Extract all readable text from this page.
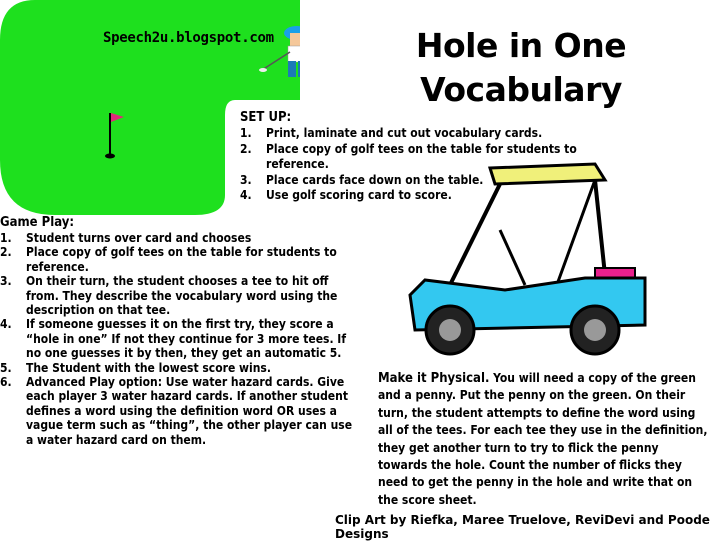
Speech2u.blogspot.com	Hole in One
Vocabulary
SET UP:
1. Print, laminate and cut out vocabulary cards.
2. Place copy of golf tees on the table for students to reference.
3. Place cards face down on the table.
4. Use golf scoring card to score.
Game Play:
1. Student turns over card and chooses
2. Place copy of golf tees on the table for students to reference.
3. On their turn, the student chooses a tee to hit off from. They describe the vocabulary word using the description on that tee.
4. If someone guesses it on the first try, they score a “hole in one” If not they continue for 3 more tees. If no one guesses it by then, they get an automatic 5.
5. The Student with the lowest score wins.
6. Advanced Play option: Use water hazard cards. Give each player 3 water hazard cards. If another student defines a word using the definition word OR uses a vague term such as “thing”, the other player can use a water hazard card on them.
Make it Physical. You will need a copy of the green and a penny. Put the penny on the green. On their turn, the student attempts to define the word using all of the tees. For each tee they use in the definition, they get another turn to try to flick the penny towards the hole. Count the number of flicks they need to get the penny in the hole and write that on the score sheet.
Clip Art by Riefka, Maree Truelove, ReviDevi and Poode Designs
